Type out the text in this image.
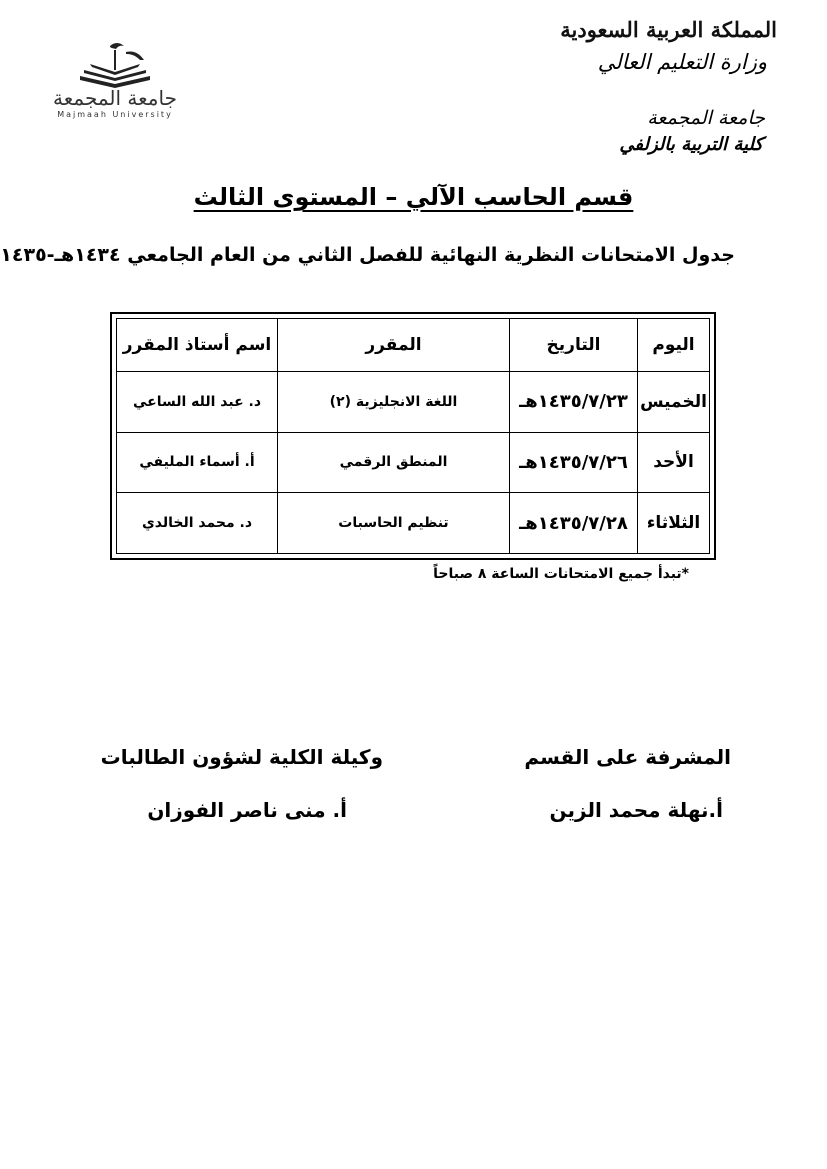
جامعة المجمعة
Majmaah University
المملكة العربية السعودية
وزارة التعليم العالي
جامعة المجمعة
كلية التربية بالزلفي
قسم الحاسب الآلي – المستوى الثالث
جدول الامتحانات النظرية النهائية للفصل الثاني من العام الجامعي ١٤٣٤هـ-١٤٣٥
اليوم	التاريخ	المقرر	اسم أستاذ المقرر
الخميس	١٤٣٥/٧/٢٣هـ	اللغة الانجليزية (٢)	د. عبد الله الساعي
الأحد	١٤٣٥/٧/٢٦هـ	المنطق الرقمي	أ. أسماء المليفي
الثلاثاء	١٤٣٥/٧/٢٨هـ	تنظيم الحاسبات	د. محمد الخالدي
*تبدأ جميع الامتحانات الساعة ٨ صباحاً
المشرفة على القسم
أ.نهلة محمد الزين
وكيلة الكلية لشؤون الطالبات
أ. منى ناصر الفوزان
